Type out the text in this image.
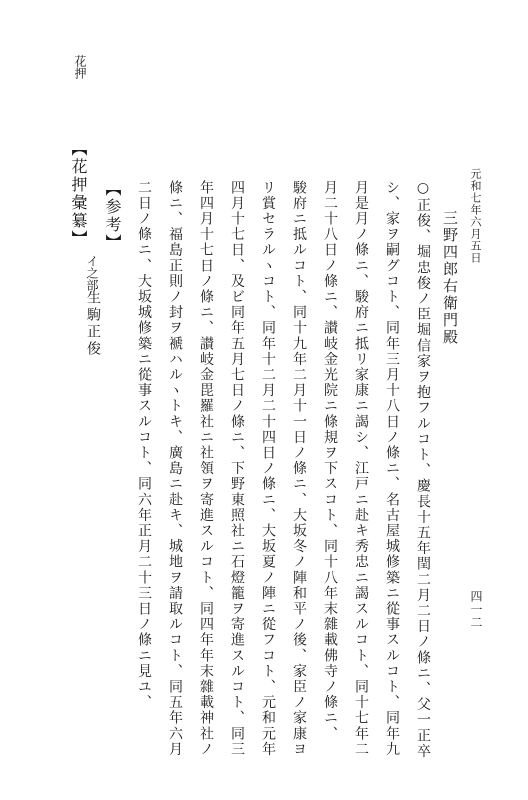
元和七年六月五日
三野四郎右衛門殿
○正俊、堀忠俊ノ臣堀信家ヲ抱フルコト、慶長十五年閏二月二日ノ條ニ、父一正卒
シ、家ヲ嗣グコト、同年三月十八日ノ條ニ、名古屋城修築ニ從事スルコト、同年九
月是月ノ條ニ、駿府ニ抵リ家康ニ謁シ、江戸ニ赴キ秀忠ニ謁スルコト、同十七年二
月二十八日ノ條ニ、讃岐金光院ニ條規ヲ下スコト、同十八年末雜載佛寺ノ條ニ、
駿府ニ抵ルコト、同十九年二月十一日ノ條ニ、大坂冬ノ陣和平ノ後、家臣ノ家康ヨ
リ賞セラルヽコト、同年十二月二十四日ノ條ニ、大坂夏ノ陣ニ從フコト、元和元年
四月十七日、及ビ同年五月七日ノ條ニ、下野東照社ニ石燈籠ヲ寄進スルコト、同三
年四月十七日ノ條ニ、讃岐金毘羅社ニ社領ヲ寄進スルコト、同四年年末雜載神社ノ
條ニ、福島正則ノ封ヲ褫ハルヽトキ、廣島ニ赴キ、城地ヲ請取ルコト、同五年六月
二日ノ條ニ、大坂城修築ニ從事スルコト、同六年正月二十三日ノ條ニ見ユ、
【参考】
【花押彙纂】
イ之部
生駒正俊
花押
四一二
